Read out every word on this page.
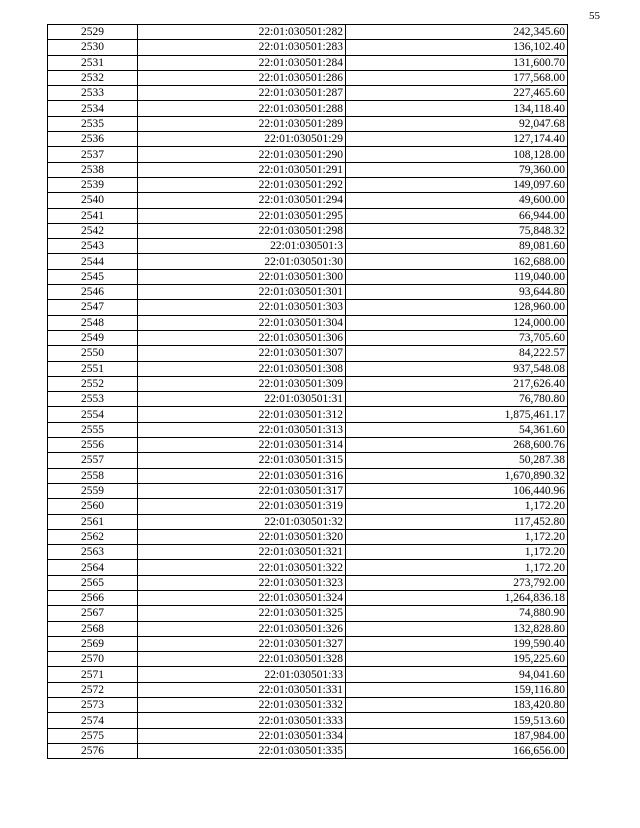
55
2529	22:01:030501:282	242,345.60
2530	22:01:030501:283	136,102.40
2531	22:01:030501:284	131,600.70
2532	22:01:030501:286	177,568.00
2533	22:01:030501:287	227,465.60
2534	22:01:030501:288	134,118.40
2535	22:01:030501:289	92,047.68
2536	22:01:030501:29	127,174.40
2537	22:01:030501:290	108,128.00
2538	22:01:030501:291	79,360.00
2539	22:01:030501:292	149,097.60
2540	22:01:030501:294	49,600.00
2541	22:01:030501:295	66,944.00
2542	22:01:030501:298	75,848.32
2543	22:01:030501:3	89,081.60
2544	22:01:030501:30	162,688.00
2545	22:01:030501:300	119,040.00
2546	22:01:030501:301	93,644.80
2547	22:01:030501:303	128,960.00
2548	22:01:030501:304	124,000.00
2549	22:01:030501:306	73,705.60
2550	22:01:030501:307	84,222.57
2551	22:01:030501:308	937,548.08
2552	22:01:030501:309	217,626.40
2553	22:01:030501:31	76,780.80
2554	22:01:030501:312	1,875,461.17
2555	22:01:030501:313	54,361.60
2556	22:01:030501:314	268,600.76
2557	22:01:030501:315	50,287.38
2558	22:01:030501:316	1,670,890.32
2559	22:01:030501:317	106,440.96
2560	22:01:030501:319	1,172.20
2561	22:01:030501:32	117,452.80
2562	22:01:030501:320	1,172.20
2563	22:01:030501:321	1,172.20
2564	22:01:030501:322	1,172.20
2565	22:01:030501:323	273,792.00
2566	22:01:030501:324	1,264,836.18
2567	22:01:030501:325	74,880.90
2568	22:01:030501:326	132,828.80
2569	22:01:030501:327	199,590.40
2570	22:01:030501:328	195,225.60
2571	22:01:030501:33	94,041.60
2572	22:01:030501:331	159,116.80
2573	22:01:030501:332	183,420.80
2574	22:01:030501:333	159,513.60
2575	22:01:030501:334	187,984.00
2576	22:01:030501:335	166,656.00
